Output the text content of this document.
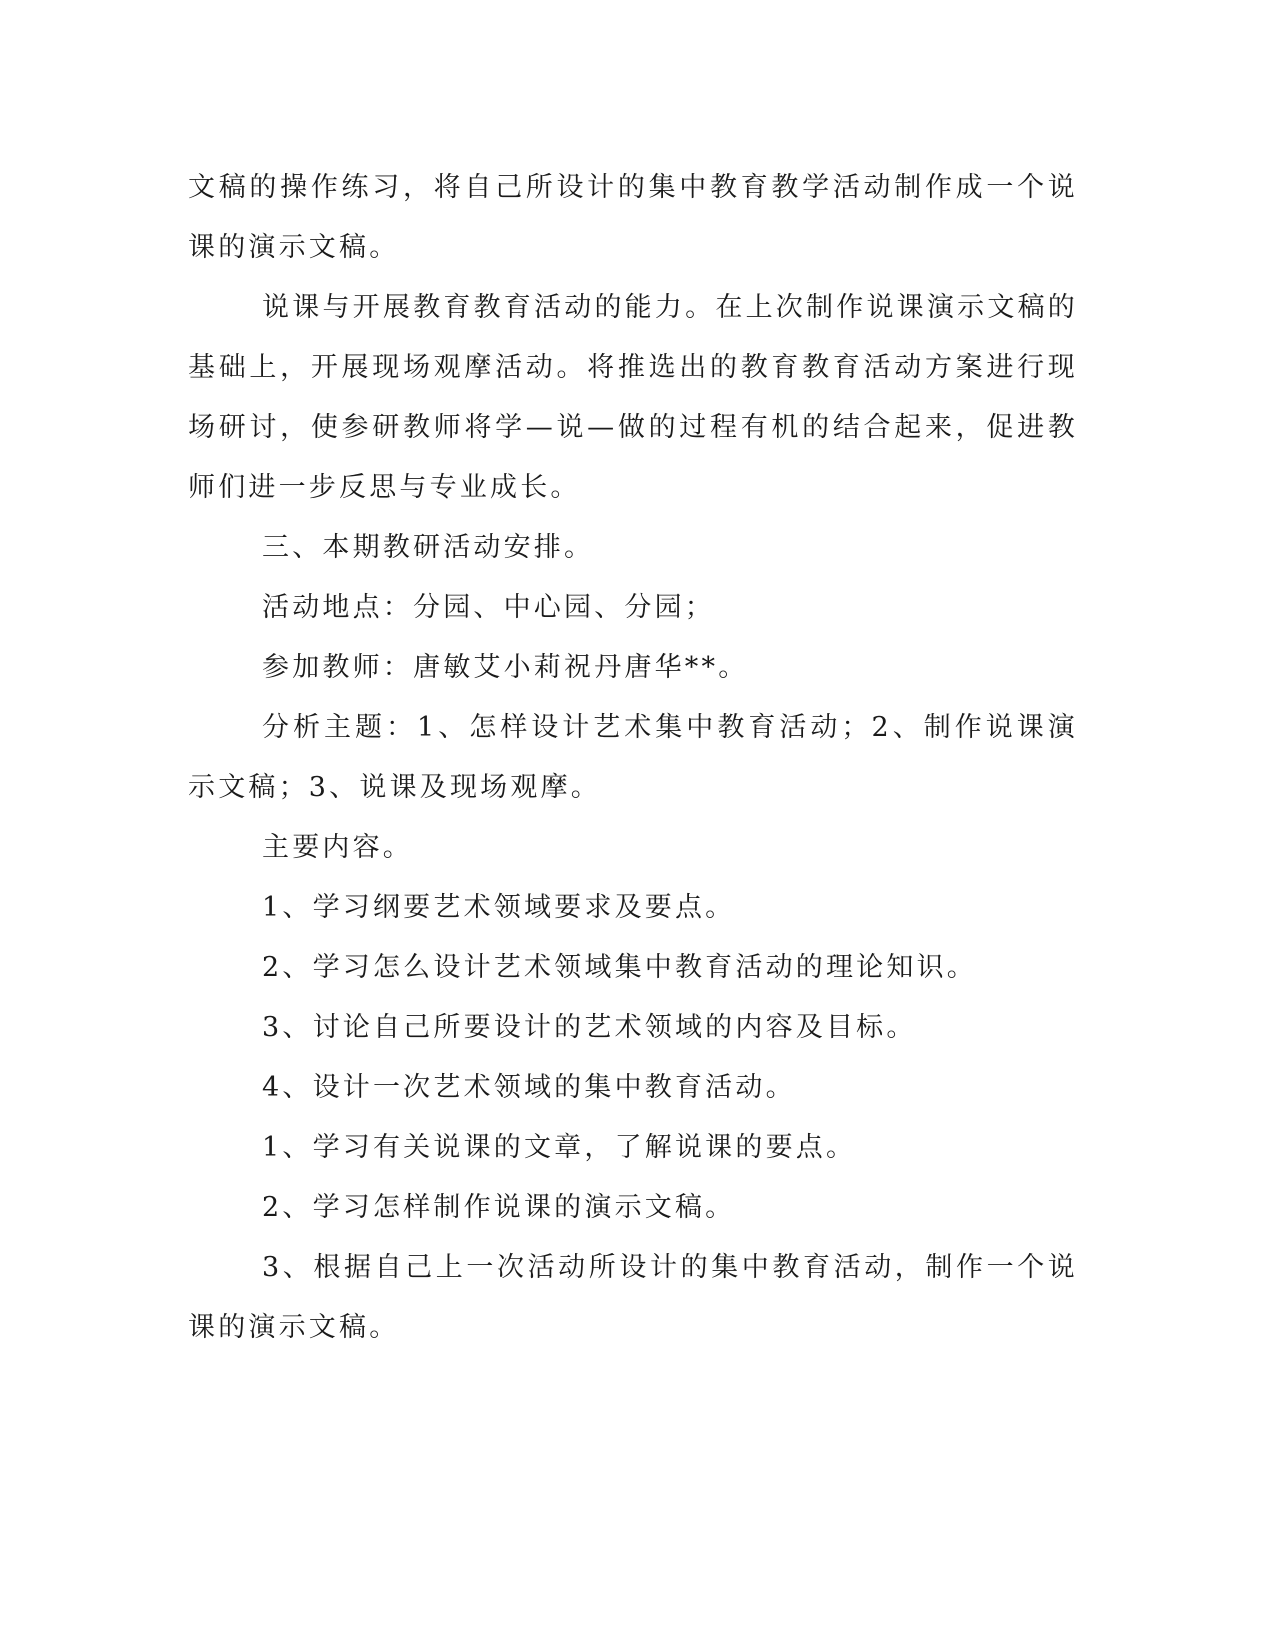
文稿的操作练习，将自己所设计的集中教育教学活动制作成一个说课的演示文稿。

说课与开展教育教育活动的能力。在上次制作说课演示文稿的基础上，开展现场观摩活动。将推选出的教育教育活动方案进行现场研讨，使参研教师将学—说—做的过程有机的结合起来，促进教师们进一步反思与专业成长。

三、本期教研活动安排。

活动地点：分园、中心园、分园；

参加教师：唐敏艾小莉祝丹唐华**。

分析主题：1、怎样设计艺术集中教育活动；2、制作说课演示文稿；3、说课及现场观摩。

主要内容。

1、学习纲要艺术领域要求及要点。

2、学习怎么设计艺术领域集中教育活动的理论知识。

3、讨论自己所要设计的艺术领域的内容及目标。

4、设计一次艺术领域的集中教育活动。

1、学习有关说课的文章，了解说课的要点。

2、学习怎样制作说课的演示文稿。

3、根据自己上一次活动所设计的集中教育活动，制作一个说课的演示文稿。
